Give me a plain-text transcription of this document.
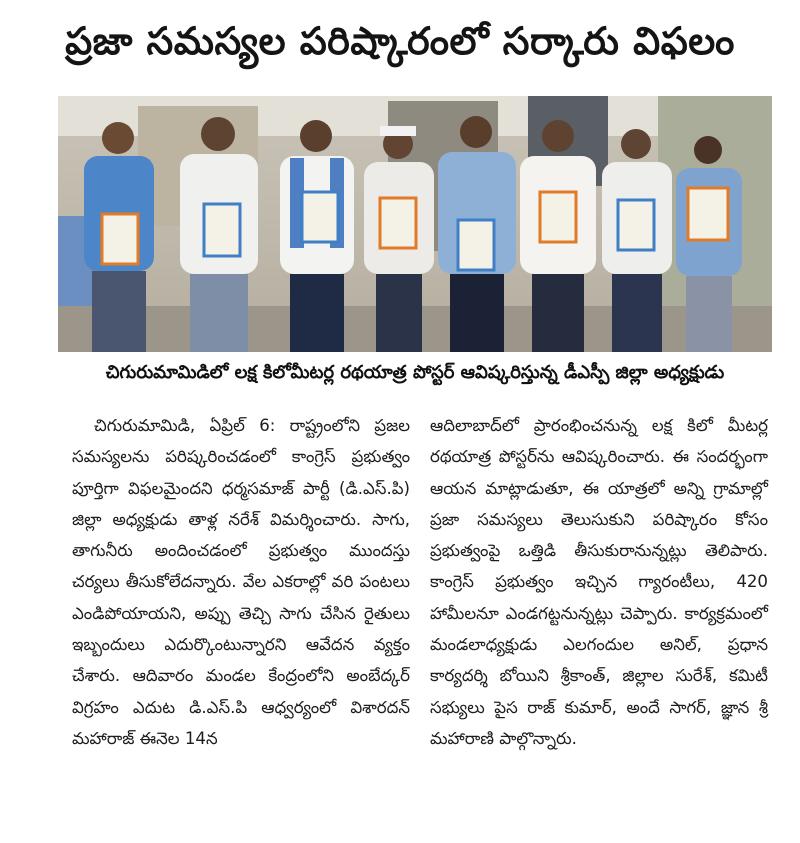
ప్రజా సమస్యల పరిష్కారంలో సర్కారు విఫలం
చిగురుమామిడిలో లక్ష కిలోమీటర్ల రథయాత్ర పోస్టర్ ఆవిష్కరిస్తున్న డీఎస్పీ జిల్లా అధ్యక్షుడు

చిగురుమామిడి, ఏప్రిల్ 6: రాష్ట్రంలోని ప్రజల సమస్యలను పరిష్కరించడంలో కాంగ్రెస్ ప్రభుత్వం పూర్తిగా విఫలమైందని ధర్మసమాజ్ పార్టీ (డి.ఎస్.పి) జిల్లా అధ్యక్షుడు తాళ్ల నరేశ్ విమర్శించారు. సాగు, తాగునీరు అందించడంలో ప్రభుత్వం ముందస్తు చర్యలు తీసుకోలేదన్నారు. వేల ఎకరాల్లో వరి పంటలు ఎండిపోయాయని, అప్పు తెచ్చి సాగు చేసిన రైతులు ఇబ్బందులు ఎదుర్కొంటున్నారని ఆవేదన వ్యక్తం చేశారు. ఆదివారం మండల కేంద్రంలోని అంబేద్కర్ విగ్రహం ఎదుట డి.ఎస్.పి ఆధ్వర్యంలో విశారదన్ మహారాజ్ ఈనెల 14న

ఆదిలాబాద్‌లో ప్రారంభించనున్న లక్ష కిలో మీటర్ల రథయాత్ర పోస్టర్‌ను ఆవిష్కరించారు. ఈ సందర్భంగా ఆయన మాట్లాడుతూ, ఈ యాత్రలో అన్ని గ్రామాల్లో ప్రజా సమస్యలు తెలుసుకుని పరిష్కారం కోసం ప్రభుత్వంపై ఒత్తిడి తీసుకురానున్నట్లు తెలిపారు. కాంగ్రెస్ ప్రభుత్వం ఇచ్చిన గ్యారంటీలు, 420 హామీలనూ ఎండగట్టనున్నట్లు చెప్పారు. కార్యక్రమంలో మండలాధ్యక్షుడు ఎలగందుల అనిల్, ప్రధాన కార్యదర్శి బోయిని శ్రీకాంత్, జిల్లాల సురేశ్, కమిటీ సభ్యులు పైస రాజ్ కుమార్, అందే సాగర్, జ్ఞాన శ్రీ మహారాణి పాల్గొన్నారు.
